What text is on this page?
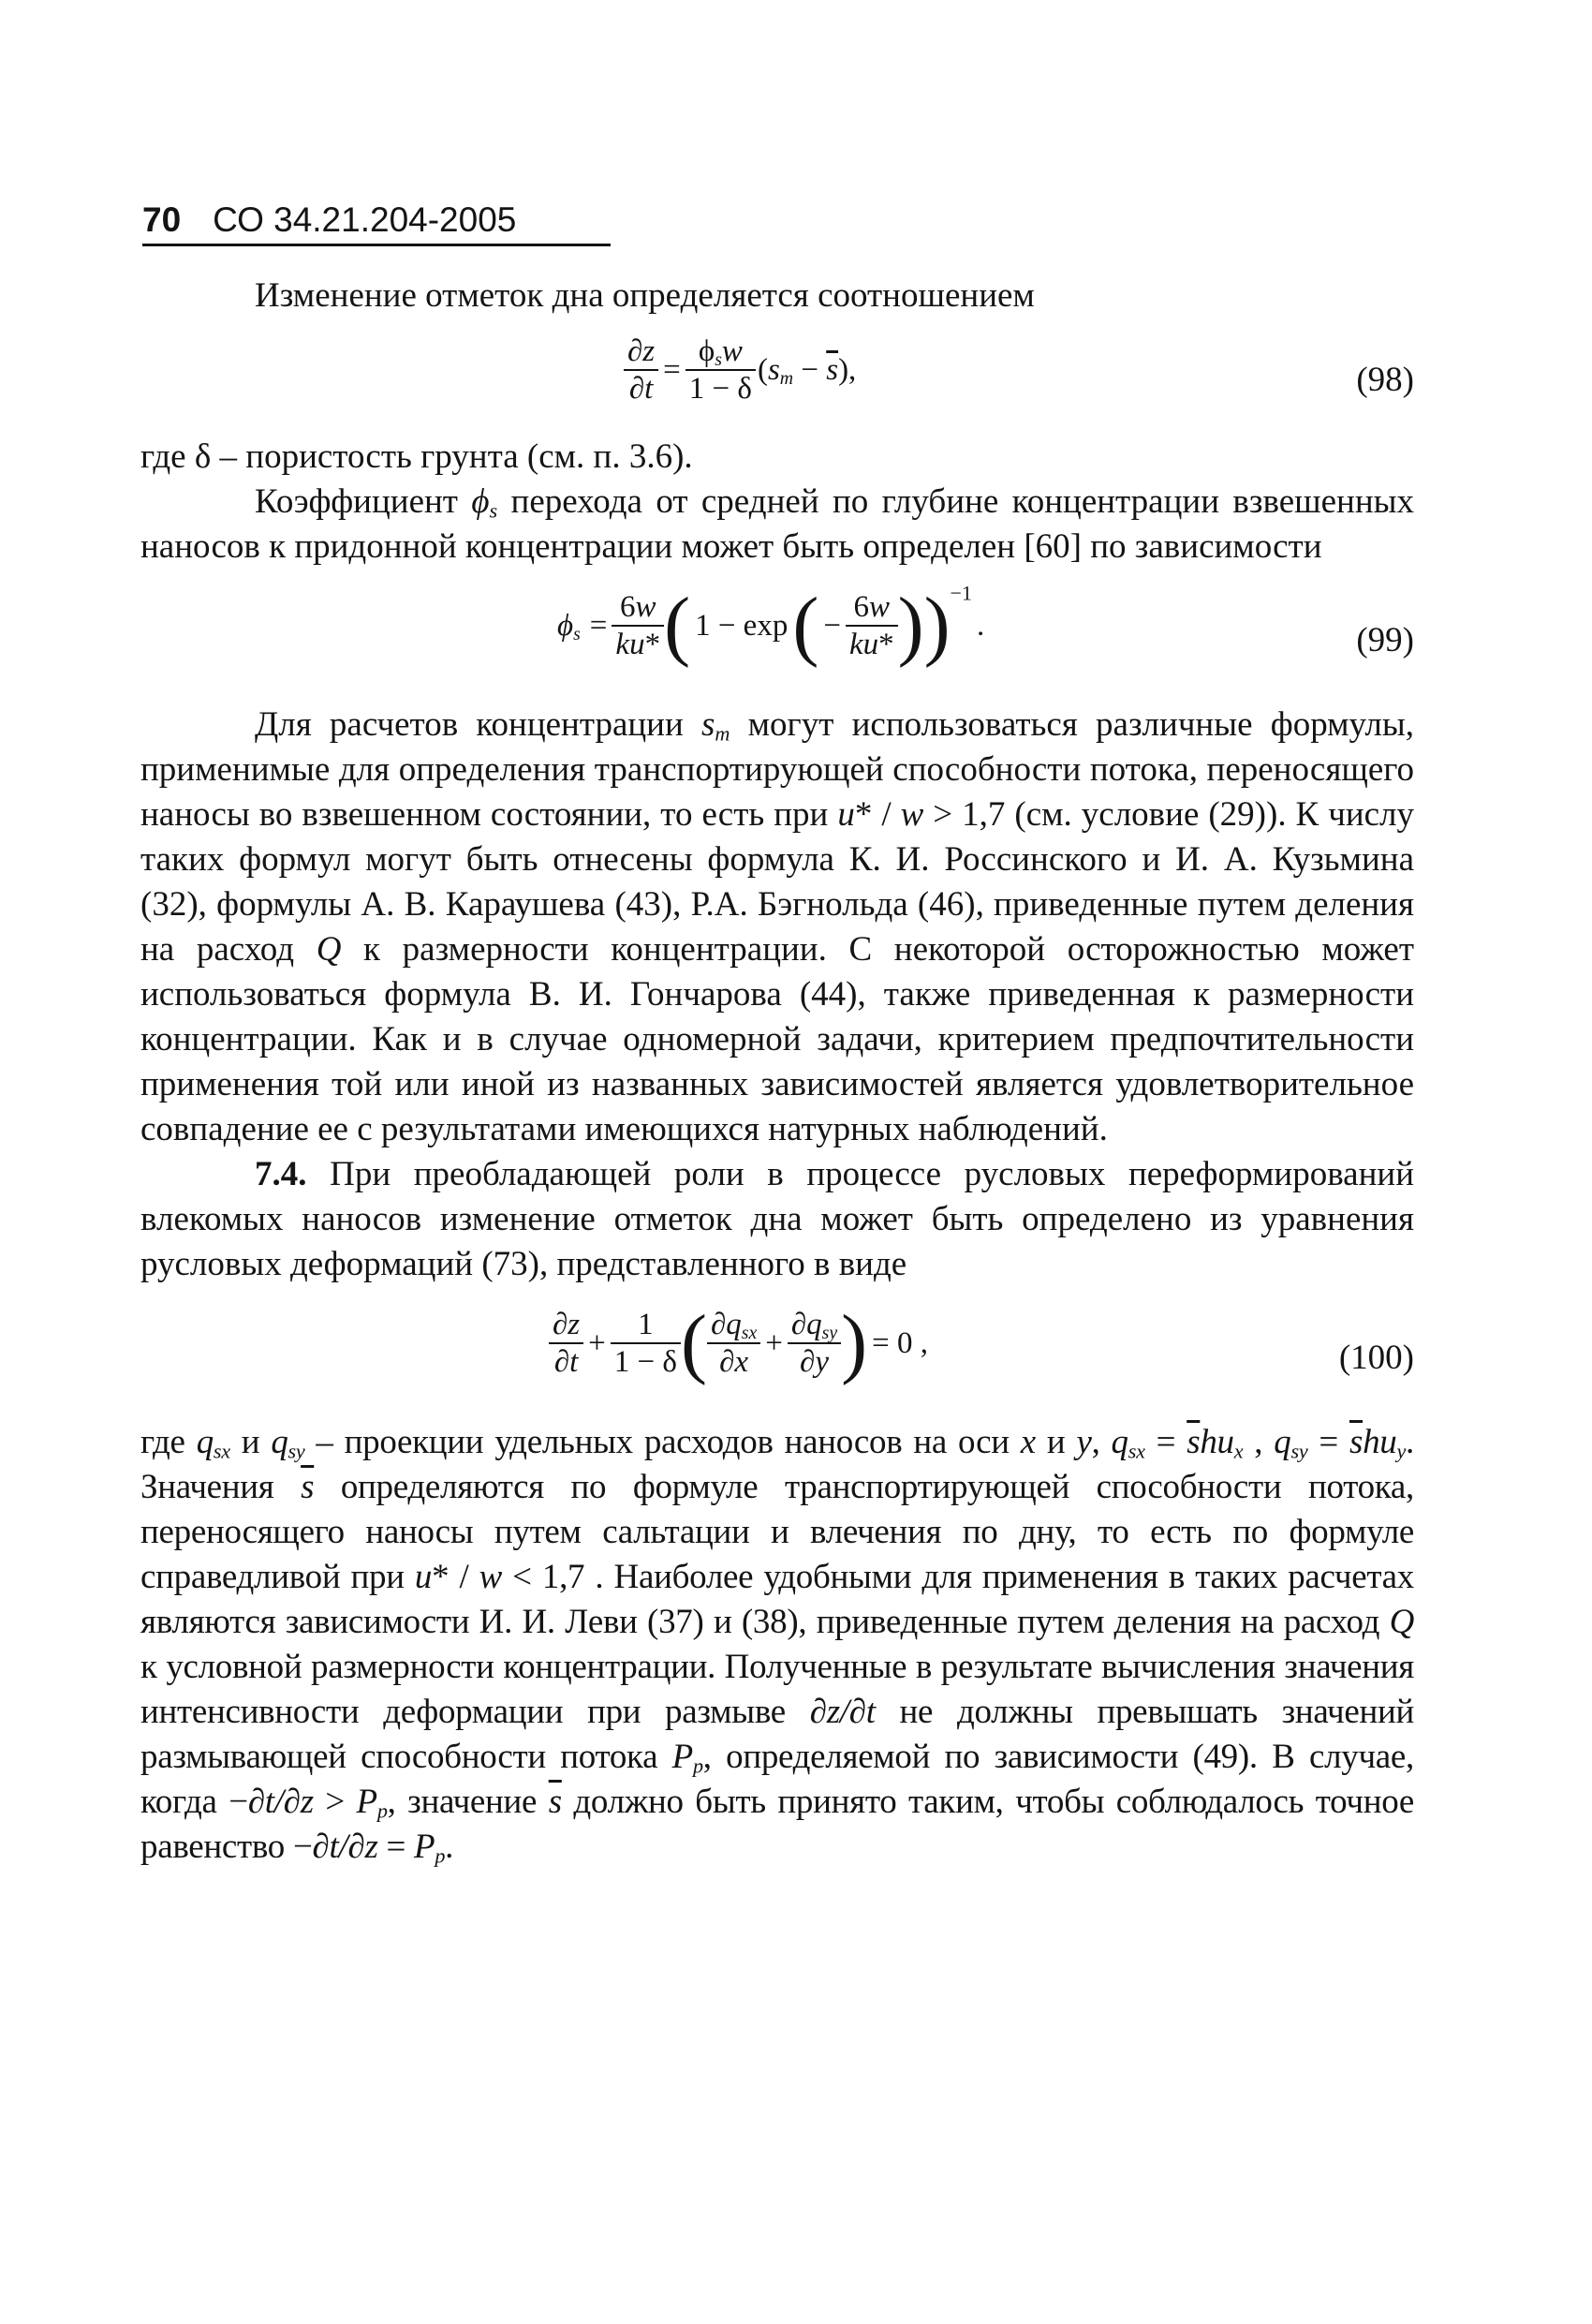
70 СО 34.21.204-2005

Изменение отметок дна определяется соотношением

$\frac{\partial z}{\partial t} = \frac{\phi_sw}{1 - \delta} (s_m - \overline{s})$,	(98)

где δ – пористость грунта (см. п. 3.6).

Коэффициент $\phi_s$ перехода от средней по глубине концентрации взвешенных наносов к придонной концентрации может быть определен [60] по зависимости

$\phi_s = \frac{6w}{ku*}$ ( $1 - \exp( - \frac{6w}{ku*} ))^{-1}$.	(99)

Для расчетов концентрации $s_m$ могут использоваться различные формулы, применимые для определения транспортирующей способности потока, переносящего наносы во взвешенном состоянии, то есть при u* / w > 1,7 (см. условие (29)). К числу таких формул могут быть отнесены формула К. И. Россинского и И. А. Кузьмина (32), формулы А. В. Караушева (43), Р.А. Бэгнольда (46), приведенные путем деления на расход Q к размерности концентрации. С некоторой осторожностью может использоваться формула В. И. Гончарова (44), также приведенная к размерности концентрации. Как и в случае одномерной задачи, критерием предпочтительности применения той или иной из названных зависимостей является удовлетворительное совпадение ее с результатами имеющихся натурных наблюдений.

7.4. При преобладающей роли в процессе русловых переформирований влекомых наносов изменение отметок дна может быть определено из уравнения русловых деформаций (73), представленного в виде

$\frac{\partial z}{\partial t} + \frac{1}{1 - \delta}$ ( $\frac{\partial q_{sx}}{\partial x} + \frac{\partial q_{sy}}{\partial y}$ ) = 0 ,	(100)

где $q_{sx}$ и $q_{sy}$ – проекции удельных расходов наносов на оси x и y, $q_{sx} = \overline{s}hu_x$ , $q_{sy} = \overline{s}hu_y$. Значения $\overline{s}$ определяются по формуле транспортирующей способности потока, переносящего наносы путем сальтации и влечения по дну, то есть по формуле справедливой при u* / w < 1,7 . Наиболее удобными для применения в таких расчетах являются зависимости И. И. Леви (37) и (38), приведенные путем деления на расход Q к условной размерности концентрации. Полученные в результате вычисления значения интенсивности деформации при размыве ∂z/∂t не должны превышать значений размывающей способности потока $P_p$, определяемой по зависимости (49). В случае, когда $-\partial t/\partial z > P_p$, значение $\overline{s}$ должно быть принято таким, чтобы соблюдалось точное равенство $-\partial t/\partial z = P_p$.
